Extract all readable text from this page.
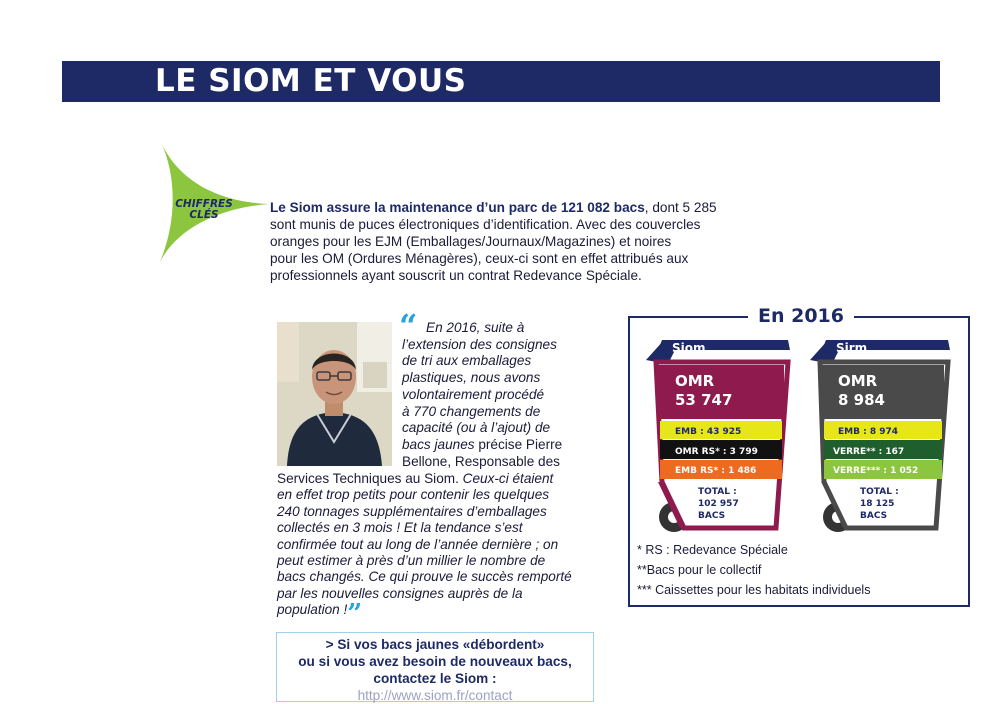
LE SIOM ET VOUS
CHIFFRES
CLÉS	Le Siom assure la maintenance d’un parc de 121 082 bacs, dont 5 285
sont munis de puces électroniques d’identification. Avec des couvercles
oranges pour les EJM (Emballages/Journaux/Magazines) et noires
pour les OM (Ordures Ménagères), ceux-ci sont en effet attribués aux
professionnels ayant souscrit un contrat Redevance Spéciale.
“ En 2016, suite à
l’extension des consignes
de tri aux emballages
plastiques, nous avons
volontairement procédé
à 770 changements de
capacité (ou à l’ajout) de
bacs jaunes précise Pierre
Bellone, Responsable des
Services Techniques au Siom. Ceux-ci étaient
en effet trop petits pour contenir les quelques
240 tonnages supplémentaires d’emballages
collectés en 3 mois ! Et la tendance s’est
confirmée tout au long de l’année dernière ; on
peut estimer à près d’un millier le nombre de
bacs changés. Ce qui prouve le succès remporté
par les nouvelles consignes auprès de la
population !”
> Si vos bacs jaunes «débordent»
ou si vous avez besoin de nouveaux bacs,
contactez le Siom :
http://www.siom.fr/contact
En 2016
Siom
OMR
53 747
EMB : 43 925
OMR RS* : 3 799
EMB RS* : 1 486
TOTAL :
102 957
BACS
Sirm
OMR
8 984
EMB : 8 974
VERRE** : 167
VERRE*** : 1 052
TOTAL :
18 125
BACS
* RS : Redevance Spéciale
**Bacs pour le collectif
*** Caissettes pour les habitats individuels
